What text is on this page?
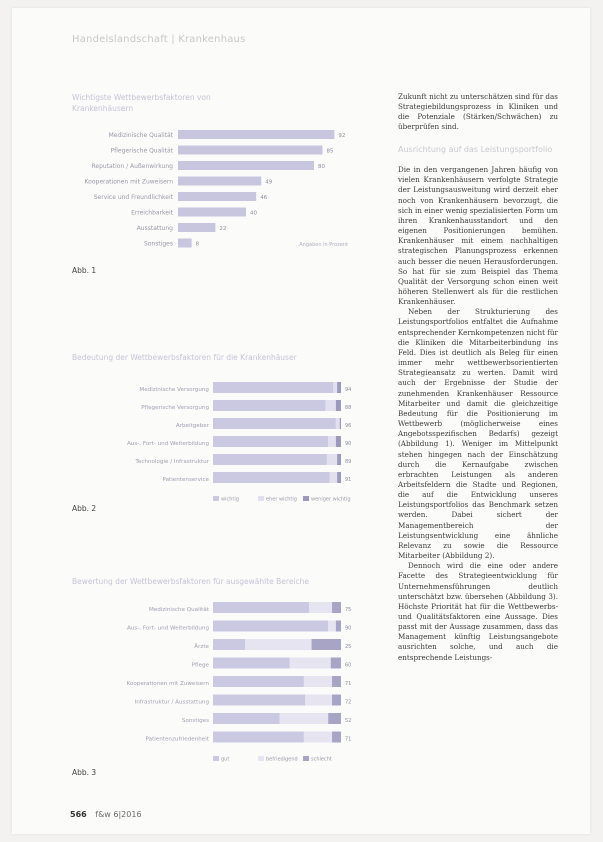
Handelslandschaft | Krankenhaus
Wichtigste Wettbewerbsfaktoren von Krankenhäusern
Medizinische Qualität	92
Pflegerische Qualität	85
Reputation / Außenwirkung	80
Kooperationen mit Zuweisern	49
Service und Freundlichkeit	46
Erreichbarkeit	40
Ausstattung	22
Sonstiges	8	Angaben in Prozent
Abb. 1
Bedeutung der Wettbewerbsfaktoren für die Krankenhäuser
Medizinische Versorgung	94
Pflegerische Versorgung	88
Arbeitgeber	96
Aus-, Fort- und Weiterbildung	90
Technologie / Infrastruktur	89
Patientenservice	91
wichtig	eher wichtig	weniger wichtig
Abb. 2
Bewertung der Wettbewerbsfaktoren für ausgewählte Bereiche
Medizinische Qualität	75
Aus-, Fort- und Weiterbildung	90
Ärzte	25
Pflege	60
Kooperationen mit Zuweisern	71
Infrastruktur / Ausstattung	72
Sonstiges	52
Patientenzufriedenheit	71
gut	befriedigend	schlecht
Abb. 3

Zukunft nicht zu unterschätzen sind für das Strategiebildungsprozess in Kliniken und die Potenziale (Stärken/Schwächen) zu überprüfen sind.

Ausrichtung auf das Leistungsportfolio

Die in den vergangenen Jahren häufig von vielen Krankenhäusern verfolgte Strategie der Leistungsausweitung wird derzeit eher noch von Krankenhäusern bevorzugt, die sich in einer wenig spezialisierten Form um ihren Krankenhausstandort und den eigenen Positionierungen bemühen. Krankenhäuser mit einem nachhaltigen strategischen Planungsprozess erkennen auch besser die neuen Herausforderungen. So hat für sie zum Beispiel das Thema Qualität der Versorgung schon einen weit höheren Stellenwert als für die restlichen Krankenhäuser.

Neben der Strukturierung des Leistungsportfolios entfaltet die Aufnahme entsprechender Kernkompetenzen nicht für die Kliniken die Mitarbeiterbindung ins Feld. Dies ist deutlich als Beleg für einen immer mehr wettbewerbsorientierten Strategieansatz zu werten. Damit wird auch der Ergebnisse der Studie der zunehmenden Krankenhäuser Ressource Mitarbeiter und damit die gleichzeitige Bedeutung für die Positionierung im Wettbewerb (möglicherweise eines Angebotsspezifischen Bedarfs) gezeigt (Abbildung 1). Weniger im Mittelpunkt stehen hingegen nach der Einschätzung durch die Kernaufgabe zwischen erbrachten Leistungen als anderen Arbeitsfeldern die Stadte und Regionen, die auf die Entwicklung unseres Leistungsportfolios das Benchmark setzen werden. Dabei sichert der Managementbereich der Leistungsentwicklung eine ähnliche Relevanz zu sowie die Ressource Mitarbeiter (Abbildung 2).

Dennoch wird die eine oder andere Facette des Strategieentwicklung für Unternehmensführungen deutlich unterschätzt bzw. übersehen (Abbildung 3). Höchste Priorität hat für die Wettbewerbs- und Qualitätsfaktoren eine Aussage. Dies passt mit der Aussage zusammen, dass das Management künftig Leistungsangebote ausrichten solche, und auch die entsprechende Leistungs-

566 f&w 6|2016
